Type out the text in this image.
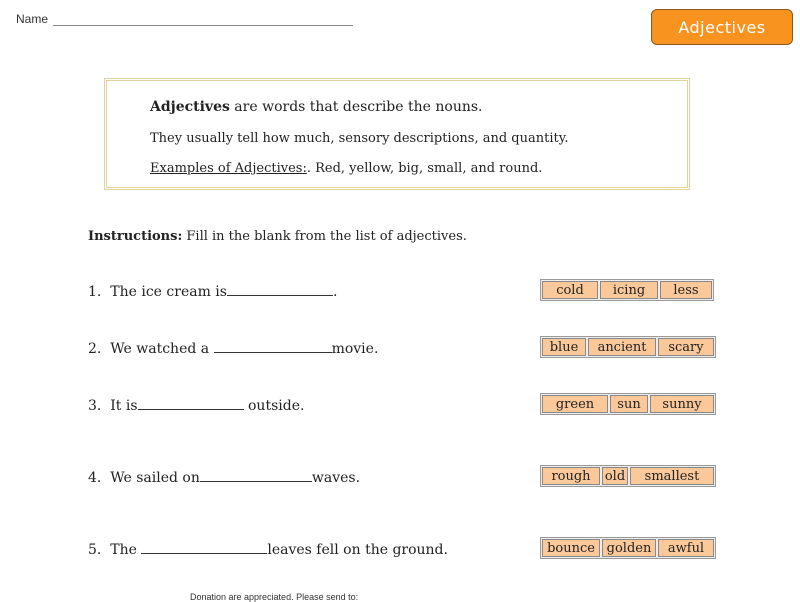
Name	Adjectives

Adjectives are words that describe the nouns.

They usually tell how much, sensory descriptions, and quantity.

Examples of Adjectives:. Red, yellow, big, small, and round.

Instructions: Fill in the blank from the list of adjectives.
1. The ice cream is	.	cold	icing	less
2. We watched a	movie.	blue	ancient	scary
3. It is	outside.	green	sun	sunny
4. We sailed on	waves.	rough	old	smallest
5. The	leaves fell on the ground.	bounce golden	awful
Donation are appreciated. Please send to:
